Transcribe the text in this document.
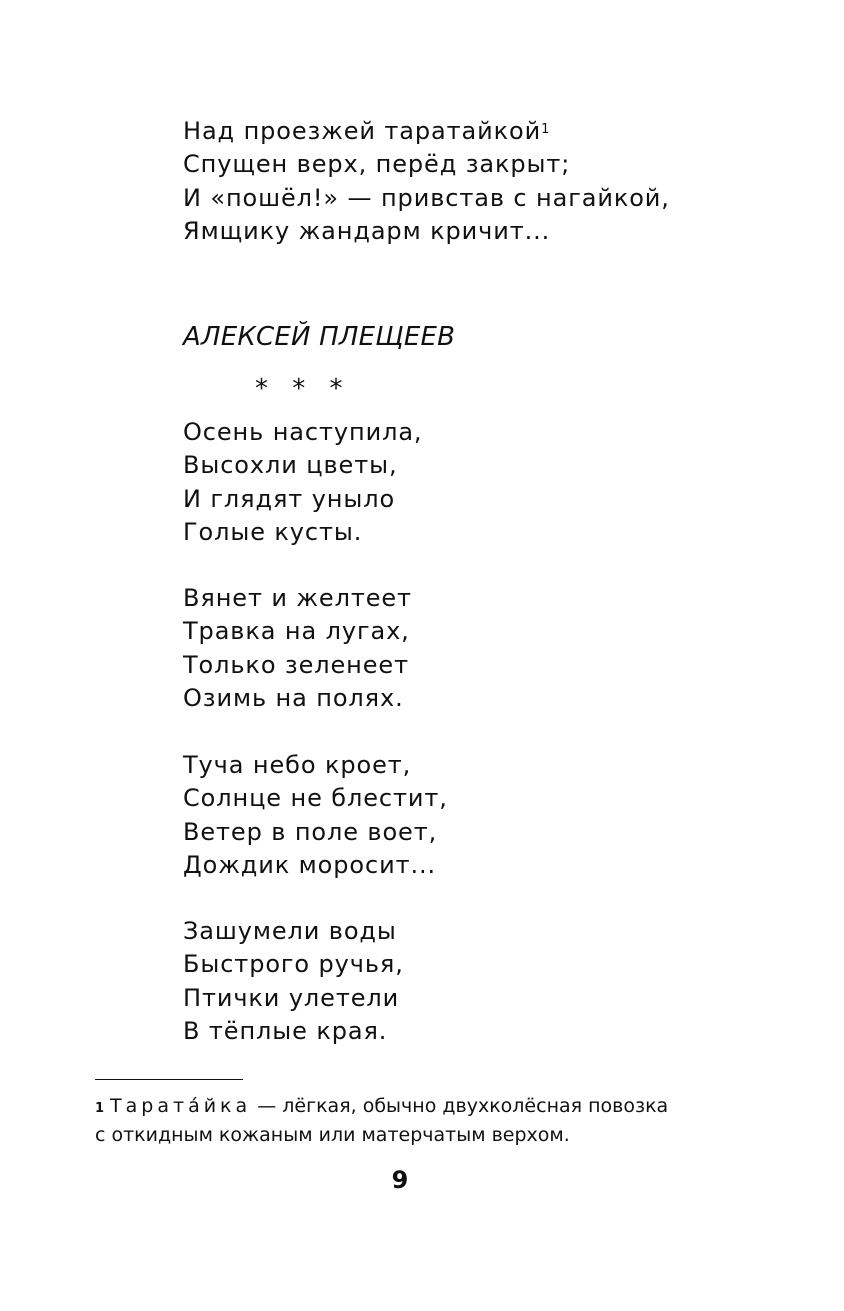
Над проезжей таратайкой$^1$
Спущен верх, перёд закрыт;
И «пошёл!» — привстав с нагайкой,
Ямщику жандарм кричит...
АЛЕКСЕЙ ПЛЕЩЕЕВ
* * *
Осень наступила,
Высохли цветы,
И глядят уныло
Голые кусты.
Вянет и желтеет
Травка на лугах,
Только зеленеет
Озимь на полях.
Туча небо кроет,
Солнце не блестит,
Ветер в поле воет,
Дождик моросит...
Зашумели воды
Быстрого ручья,
Птички улетели
В тёплые края.
$^1$ Таратáйка — лёгкая, обычно двухколёсная повозка
с откидным кожаным или матерчатым верхом.
9
